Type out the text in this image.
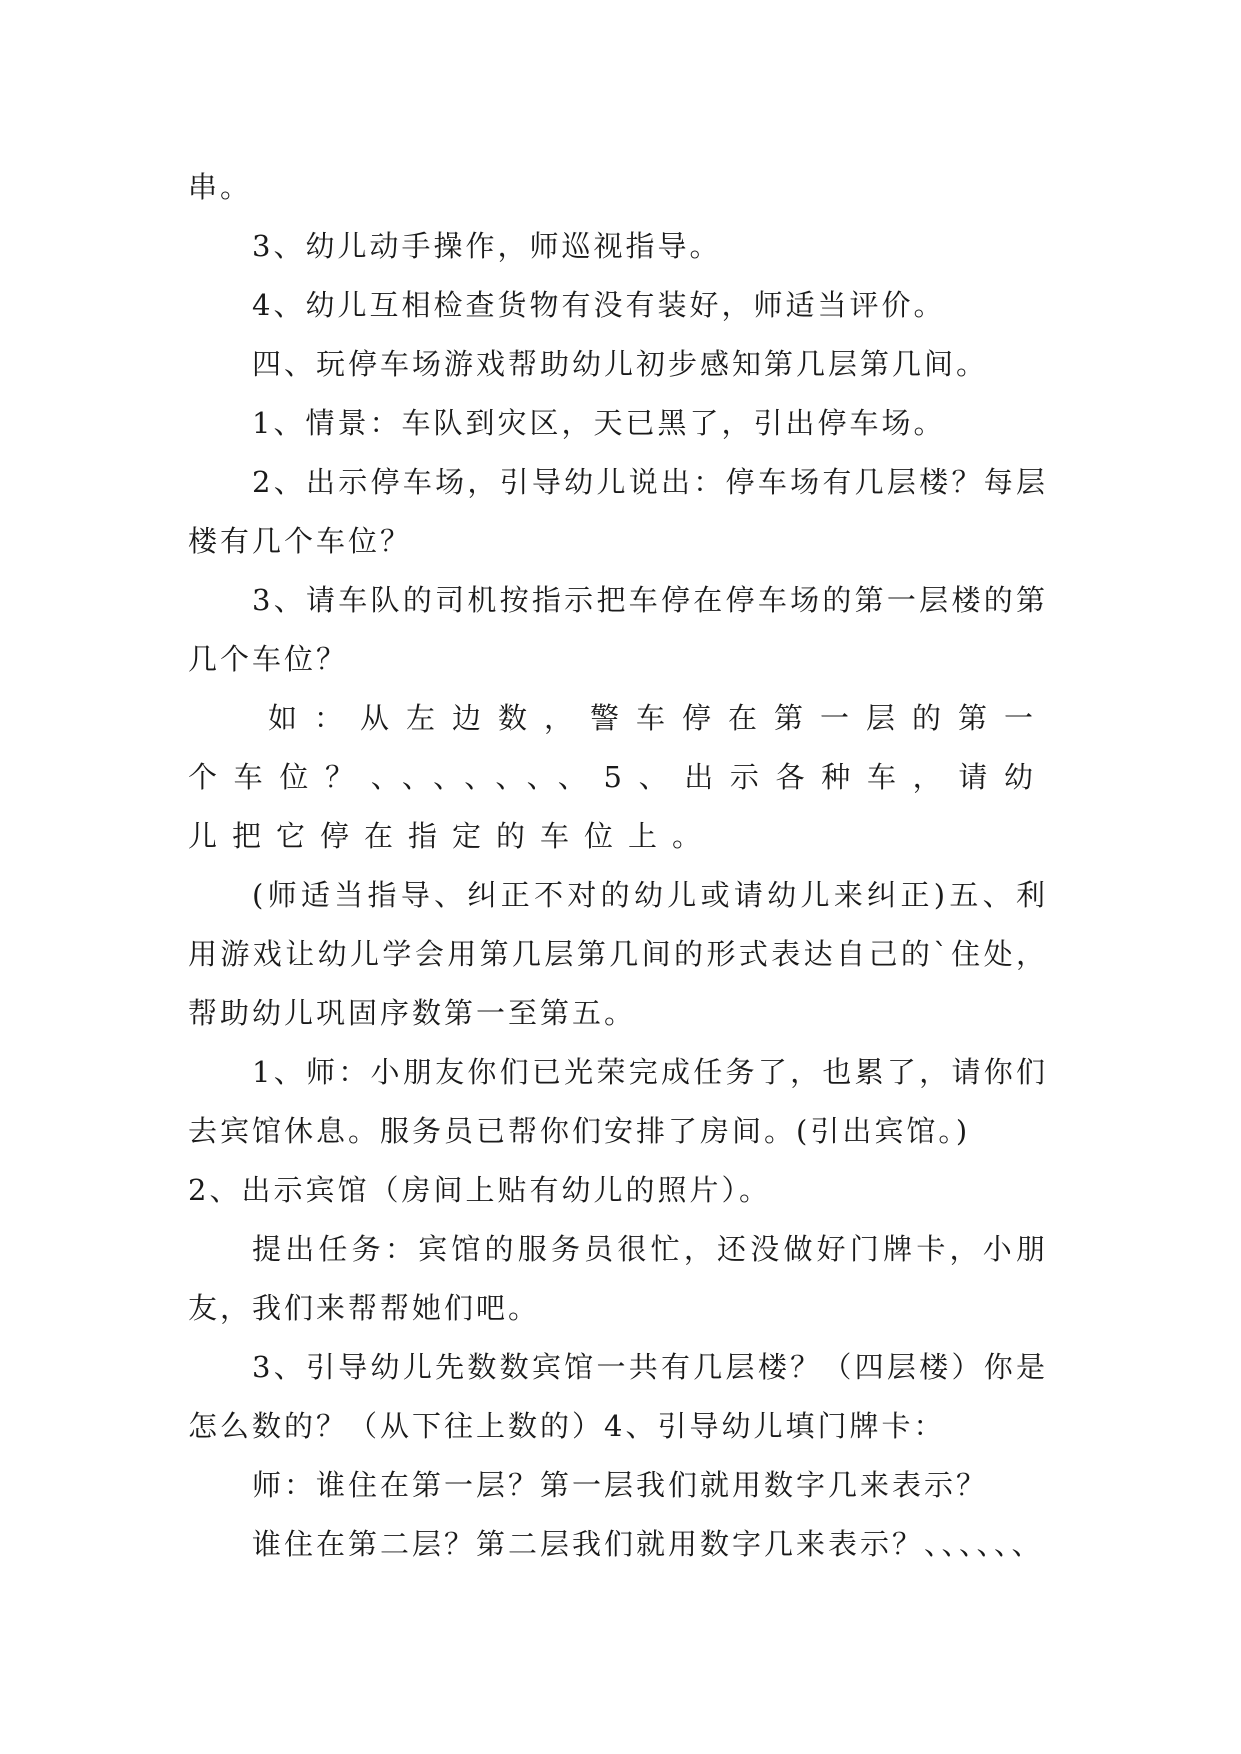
串。

3、幼儿动手操作，师巡视指导。

4、幼儿互相检查货物有没有装好，师适当评价。

四、玩停车场游戏帮助幼儿初步感知第几层第几间。

1、情景：车队到灾区，天已黑了，引出停车场。

2、出示停车场，引导幼儿说出：停车场有几层楼？每层楼有几个车位？

3、请车队的司机按指示把车停在停车场的第一层楼的第几个车位？

如：从左边数，警车停在第一层的第一个车位？、、、、、、、5、出示各种车，请幼儿把它停在指定的车位上。

(师适当指导、纠正不对的幼儿或请幼儿来纠正)五、利用游戏让幼儿学会用第几层第几间的形式表达自己的`住处，帮助幼儿巩固序数第一至第五。

1、师：小朋友你们已光荣完成任务了，也累了，请你们去宾馆休息。服务员已帮你们安排了房间。(引出宾馆。)

2、出示宾馆（房间上贴有幼儿的照片）。

提出任务：宾馆的服务员很忙，还没做好门牌卡，小朋友，我们来帮帮她们吧。

3、引导幼儿先数数宾馆一共有几层楼？（四层楼）你是怎么数的？（从下往上数的）4、引导幼儿填门牌卡：

师：谁住在第一层？第一层我们就用数字几来表示？

谁住在第二层？第二层我们就用数字几来表示？、、、、、、
